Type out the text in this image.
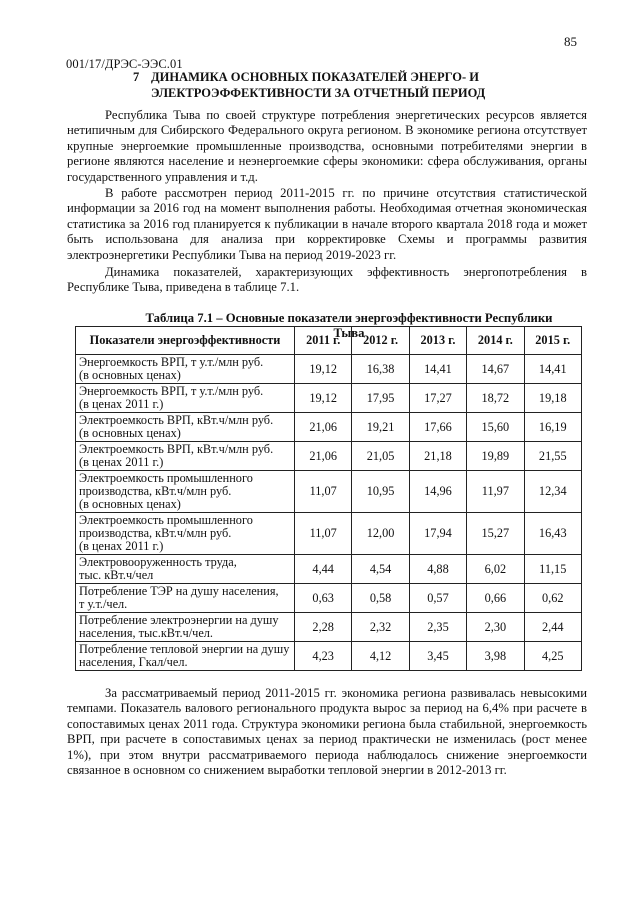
85
001/17/ДРЭС-ЭЭС.01
7 ДИНАМИКА ОСНОВНЫХ ПОКАЗАТЕЛЕЙ ЭНЕРГО- И
ЭЛЕКТРОЭФФЕКТИВНОСТИ ЗА ОТЧЕТНЫЙ ПЕРИОД

Республика Тыва по своей структуре потребления энергетических ресурсов является нетипичным для Сибирского Федерального округа регионом. В экономике региона отсутствует крупные энергоемкие промышленные производства, основными потребителями энергии в регионе являются население и неэнергоемкие сферы экономики: сфера обслуживания, органы государственного управления и т.д.

В работе рассмотрен период 2011-2015 гг. по причине отсутствия статистической информации за 2016 год на момент выполнения работы. Необходимая отчетная экономическая статистика за 2016 год планируется к публикации в начале второго квартала 2018 года и может быть использована для анализа при корректировке Схемы и программы развития электроэнергетики Республики Тыва на период 2019-2023 гг.

Динамика показателей, характеризующих эффективность энергопотребления в Республике Тыва, приведена в таблице 7.1.

Таблица 7.1 – Основные показатели энергоэффективности Республики Тыва
Показатели энергоэффективности	2011 г.	2012 г.	2013 г.	2014 г.	2015 г.

Энергоемкость ВРП, т у.т./млн руб.
(в основных ценах)	19,12	16,38	14,41	14,67	14,41

Энергоемкость ВРП, т у.т./млн руб.
(в ценах 2011 г.)	19,12	17,95	17,27	18,72	19,18

Электроемкость ВРП, кВт.ч/млн руб.
(в основных ценах)	21,06	19,21	17,66	15,60	16,19

Электроемкость ВРП, кВт.ч/млн руб.
(в ценах 2011 г.)	21,06	21,05	21,18	19,89	21,55

Электроемкость промышленного
производства, кВт.ч/млн руб.
(в основных ценах)	11,07	10,95	14,96	11,97	12,34

Электроемкость промышленного
производства, кВт.ч/млн руб.
(в ценах 2011 г.)	11,07	12,00	17,94	15,27	16,43

Электровооруженность труда,
тыс. кВт.ч/чел	4,44	4,54	4,88	6,02	11,15

Потребление ТЭР на душу населения,
т у.т./чел.	0,63	0,58	0,57	0,66	0,62

Потребление электроэнергии на душу
населения, тыс.кВт.ч/чел.	2,28	2,32	2,35	2,30	2,44

Потребление тепловой энергии на душу
населения, Гкал/чел.	4,23	4,12	3,45	3,98	4,25

За рассматриваемый период 2011-2015 гг. экономика региона развивалась невысокими темпами. Показатель валового регионального продукта вырос за период на 6,4% при расчете в сопоставимых ценах 2011 года. Структура экономики региона была стабильной, энергоемкость ВРП, при расчете в сопоставимых ценах за период практически не изменилась (рост менее 1%), при этом внутри рассматриваемого периода наблюдалось снижение энергоемкости связанное в основном со снижением выработки тепловой энергии в 2012-2013 гг.
